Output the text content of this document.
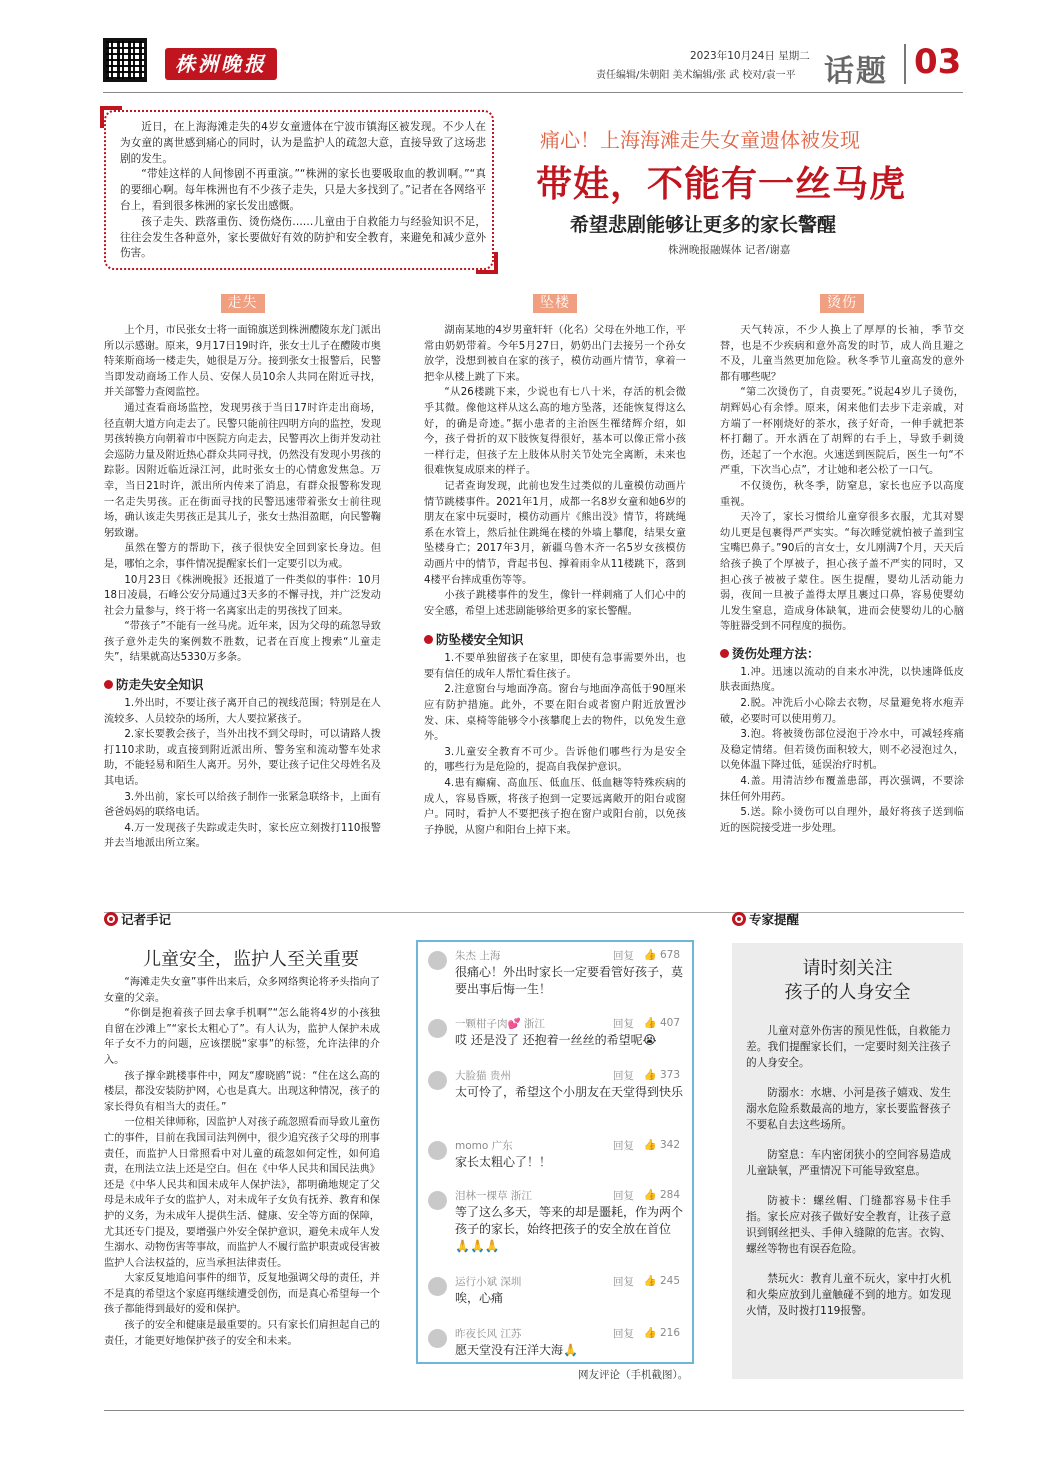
株洲晚报	2023年10月24日 星期二
责任编辑/朱朝阳 美术编辑/张 武 校对/袁一平 话题 03

近日，在上海海滩走失的4岁女童遗体在宁波市镇海区被发现。不少人在为女童的离世感到痛心的同时，认为是监护人的疏忽大意，直接导致了这场悲剧的发生。

“带娃这样的人间惨剧不再重演。”“株洲的家长也要吸取血的教训啊。”“真的要细心啊。每年株洲也有不少孩子走失，只是大多找到了。”记者在各网络平台上，看到很多株洲的家长发出感慨。

孩子走失、跌落重伤、烫伤烧伤……儿童由于自救能力与经验知识不足，往往会发生各种意外，家长要做好有效的防护和安全教育，来避免和减少意外伤害。

痛心！上海海滩走失女童遗体被发现
带娃，不能有一丝马虎
希望悲剧能够让更多的家长警醒
株洲晚报融媒体 记者/谢嘉
走失

上个月，市民张女士将一面锦旗送到株洲醴陵东龙门派出所以示感谢。原来，9月17日19时许，张女士儿子在醴陵市奥特莱斯商场一楼走失，她很是万分。接到张女士报警后，民警当即发动商场工作人员、安保人员10余人共同在附近寻找，并关部警力查阅监控。

通过查看商场监控，发现男孩于当日17时许走出商场，径直朝大道方向走去了。民警只能前往四明方向的监控，发现男孩转换方向朝着市中医院方向走去，民警再次上街并发动社会巡防力量及附近热心群众共同寻找，仍然没有发现小男孩的踪影。因附近临近渌江河，此时张女士的心情愈发焦急。万幸，当日21时许，派出所内传来了消息，有群众报警称发现一名走失男孩。正在街面寻找的民警迅速带着张女士前往现场，确认该走失男孩正是其儿子，张女士热泪盈眶，向民警鞠躬致谢。

虽然在警方的帮助下，孩子很快安全回到家长身边。但是，哪怕之余，事件情况提醒家长们一定要引以为戒。

10月23日《株洲晚报》还报道了一件类似的事件：10月18日凌晨，石峰公安分局通过3天多的不懈寻找，并广泛发动社会力量参与，终于将一名离家出走的男孩找了回来。

“带孩子”不能有一丝马虎。近年来，因为父母的疏忽导致孩子意外走失的案例数不胜数，记者在百度上搜索“儿童走失”，结果就高达5330万多条。

防走失安全知识

1.外出时，不要让孩子离开自己的视线范围；特别是在人流较多、人员较杂的场所，大人要拉紧孩子。

2.家长要教会孩子，当外出找不到父母时，可以请路人拨打110求助，或直接到附近派出所、警务室和流动警车处求助，不能轻易和陌生人离开。另外，要让孩子记住父母姓名及其电话。

3.外出前，家长可以给孩子制作一张紧急联络卡，上面有爸爸妈妈的联络电话。

4.万一发现孩子失踪或走失时，家长应立刻拨打110报警并去当地派出所立案。

坠楼

湖南某地的4岁男童轩轩（化名）父母在外地工作，平常由奶奶带着。今年5月27日，奶奶出门去接另一个孙女放学，没想到被自在家的孩子，模仿动画片情节，拿着一把伞从楼上跳了下来。

“从26楼跳下来，少说也有七八十米，存活的机会微乎其微。像他这样从这么高的地方坠落，还能恢复得这么好，的确是奇迹。”据小患者的主治医生罹绪辉介绍，如今，孩子骨折的双下肢恢复得很好，基本可以像正常小孩一样行走，但孩子左上肢体从肘关节处完全离断，未来也很难恢复成原来的样子。

记者查询发现，此前也发生过类似的儿童模仿动画片情节跳楼事件。2021年1月，成都一名8岁女童和她6岁的朋友在家中玩耍时，模仿动画片《熊出没》情节，将跳绳系在水管上，然后扯住跳绳在楼的外墙上攀爬，结果女童坠楼身亡；2017年3月，新疆乌鲁木齐一名5岁女孩模仿动画片中的情节，背起书包、撑着雨伞从11楼跳下，落到4楼平台摔成重伤等等。

小孩子跳楼事件的发生，像针一样刺痛了人们心中的安全感，希望上述悲剧能够给更多的家长警醒。

防坠楼安全知识

1.不要单独留孩子在家里，即使有急事需要外出，也要有信任的成年人帮忙看住孩子。

2.注意窗台与地面净高。窗台与地面净高低于90厘米应有防护措施。此外，不要在阳台或者窗户附近放置沙发、床、桌椅等能够令小孩攀爬上去的物件，以免发生意外。

3.儿童安全教育不可少。告诉他们哪些行为是安全的，哪些行为是危险的，提高自我保护意识。

4.患有癫痫、高血压、低血压、低血糖等特殊疾病的成人，容易昏厥，将孩子抱到一定要远离敞开的阳台或窗户。同时，看护人不要把孩子抱在窗户或阳台前，以免孩子挣脱，从窗户和阳台上掉下来。

烫伤

天气转凉，不少人换上了厚厚的长袖，季节交替，也是不少疾病和意外高发的时节，成人尚且避之不及，儿童当然更加危险。秋冬季节儿童高发的意外都有哪些呢？

“第二次烫伤了，自责要死。”说起4岁儿子烫伤，胡辉妈心有余悸。原来，闲来他们去步下走亲戚，对方端了一杯刚烧好的茶水，孩子好奇，一伸手就把茶杯打翻了。开水洒在了胡辉的右手上，导致手刺烫伤，还起了一个水泡。火速送到医院后，医生一句“不严重，下次当心点”，才让她和老公松了一口气。

不仅烫伤，秋冬季，防窒息，家长也应予以高度重视。

天冷了，家长习惯给儿童穿很多衣服，尤其对婴幼儿更是包裹得严严实实。“每次睡觉就怕被子盖到宝宝嘴巴鼻子。”90后的言女士，女儿刚满7个月，天天后给孩子换了个厚被子，担心孩子盖不严实的同时，又担心孩子被被子蒙住。医生提醒，婴幼儿活动能力弱，夜间一旦被子盖得太厚且裹过口鼻，容易使婴幼儿发生窒息，造成身体缺氧，进而会使婴幼儿的心脑等脏器受到不同程度的损伤。

烫伤处理方法：

1.冲。迅速以流动的自来水冲洗，以快速降低皮肤表面热度。

2.脱。冲洗后小心除去衣物，尽量避免将水疱弄破，必要时可以使用剪刀。

3.泡。将被烫伤部位浸泡于冷水中，可减轻疼痛及稳定情绪。但若烫伤面积较大，则不必浸泡过久，以免体温下降过低，延误治疗时机。

4.盖。用清洁纱布覆盖患部，再次强调，不要涂抹任何外用药。

5.送。除小烫伤可以自理外，最好将孩子送到临近的医院接受进一步处理。

记者手记
儿童安全，监护人至关重要

“海滩走失女童”事件出来后，众多网络舆论将矛头指向了女童的父亲。

“你倒是抱着孩子回去拿手机啊”“怎么能将4岁的小孩独自留在沙滩上”“家长太粗心了”。有人认为，监护人保护未成年子女不力的问题，应该摆脱“家事”的标签，允许法律的介入。

孩子撑伞跳楼事件中，网友“廖晓鸥”说：“住在这么高的楼层，都没安装防护网，心也是真大。出现这种情况，孩子的家长得负有相当大的责任。”

一位相关律师称，因监护人对孩子疏忽照看而导致儿童伤亡的事件，目前在我国司法判例中，很少追究孩子父母的刑事责任，而监护人日常照看中对儿童的疏忽如何定性，如何追责，在刑法立法上还是空白。但在《中华人民共和国民法典》还是《中华人民共和国未成年人保护法》，都明确地规定了父母是未成年子女的监护人，对未成年子女负有抚养、教育和保护的义务，为未成年人提供生活、健康、安全等方面的保障，尤其还专门提及，要增强户外安全保护意识，避免未成年人发生溺水、动物伤害等事故，而监护人不履行监护职责或侵害被监护人合法权益的，应当承担法律责任。

大家反复地追问事件的细节，反复地强调父母的责任，并不是真的希望这个家庭再继续遭受创伤，而是真心希望每一个孩子都能得到最好的爱和保护。

孩子的安全和健康是最重要的。只有家长们肩担起自己的责任，才能更好地保护孩子的安全和未来。

朱杰 上海	回复 👍 678
很痛心！外出时家长一定要看管好孩子，莫要出事后悔一生！
一颗柑子肉💕 浙江	回复 👍 407
哎 还是没了 还抱着一丝丝的希望呢😭
大脸猫 贵州	回复 👍 373
太可怜了，希望这个小朋友在天堂得到快乐
momo 广东	回复 👍 342
家长太粗心了！！
泪林一棵草 浙江	回复 👍 284
等了这么多天，等来的却是噩耗，作为两个孩子的家长，始终把孩子的安全放在首位🙏🙏🙏
运行小斌 深圳	回复 👍 245
唉，心痛
昨夜长风 江苏	回复 👍 216
愿天堂没有汪洋大海🙏
网友评论（手机截图）。
专家提醒
请时刻关注
孩子的人身安全

儿童对意外伤害的预见性低，自救能力差。我们提醒家长们，一定要时刻关注孩子的人身安全。

防溺水：水塘、小河是孩子嬉戏、发生溺水危险系数最高的地方，家长要监督孩子不要私自去这些场所。

防窒息：车内密闭狭小的空间容易造成儿童缺氧，严重情况下可能导致窒息。

防被卡：螺丝帽、门缝都容易卡住手指。家长应对孩子做好安全教育，让孩子意识到钢丝把头、手伸入缝隙的危害。衣钩、螺丝等物也有误吞危险。

禁玩火：教育儿童不玩火，家中打火机和火柴应放到儿童触碰不到的地方。如发现火情，及时拨打119报警。
